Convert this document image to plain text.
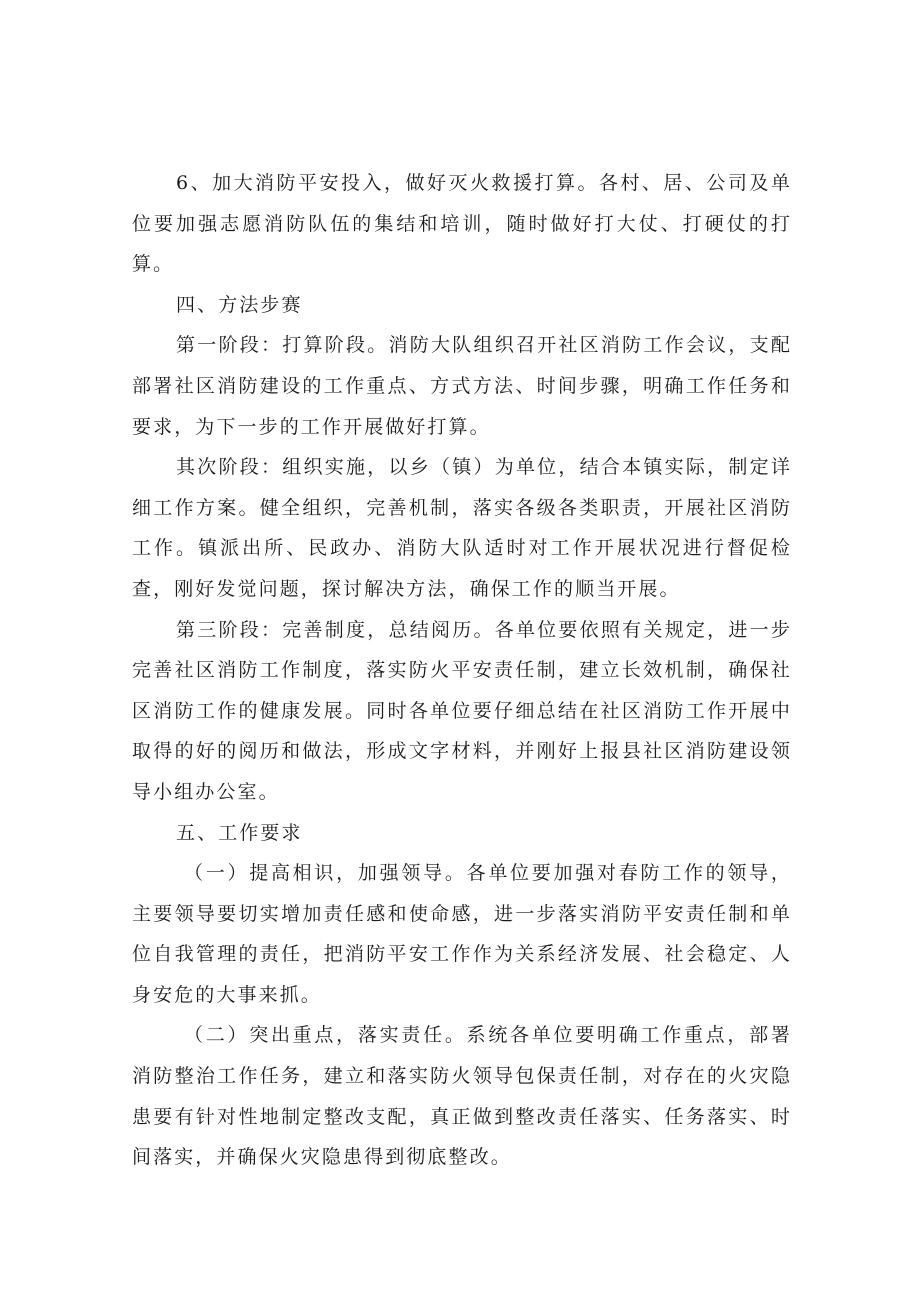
6、加大消防平安投入，做好灭火救援打算。各村、居、公司及单位要加强志愿消防队伍的集结和培训，随时做好打大仗、打硬仗的打算。

四、方法步赛

第一阶段：打算阶段。消防大队组织召开社区消防工作会议，支配部署社区消防建设的工作重点、方式方法、时间步骤，明确工作任务和要求，为下一步的工作开展做好打算。

其次阶段：组织实施，以乡（镇）为单位，结合本镇实际，制定详细工作方案。健全组织，完善机制，落实各级各类职责，开展社区消防工作。镇派出所、民政办、消防大队适时对工作开展状况进行督促检查，刚好发觉问题，探讨解决方法，确保工作的顺当开展。

第三阶段：完善制度，总结阅历。各单位要依照有关规定，进一步完善社区消防工作制度，落实防火平安责任制，建立长效机制，确保社区消防工作的健康发展。同时各单位要仔细总结在社区消防工作开展中取得的好的阅历和做法，形成文字材料，并刚好上报县社区消防建设领导小组办公室。

五、工作要求

（一）提高相识，加强领导。各单位要加强对春防工作的领导，主要领导要切实增加责任感和使命感，进一步落实消防平安责任制和单位自我管理的责任，把消防平安工作作为关系经济发展、社会稳定、人身安危的大事来抓。

（二）突出重点，落实责任。系统各单位要明确工作重点，部署消防整治工作任务，建立和落实防火领导包保责任制，对存在的火灾隐患要有针对性地制定整改支配，真正做到整改责任落实、任务落实、时间落实，并确保火灾隐患得到彻底整改。
